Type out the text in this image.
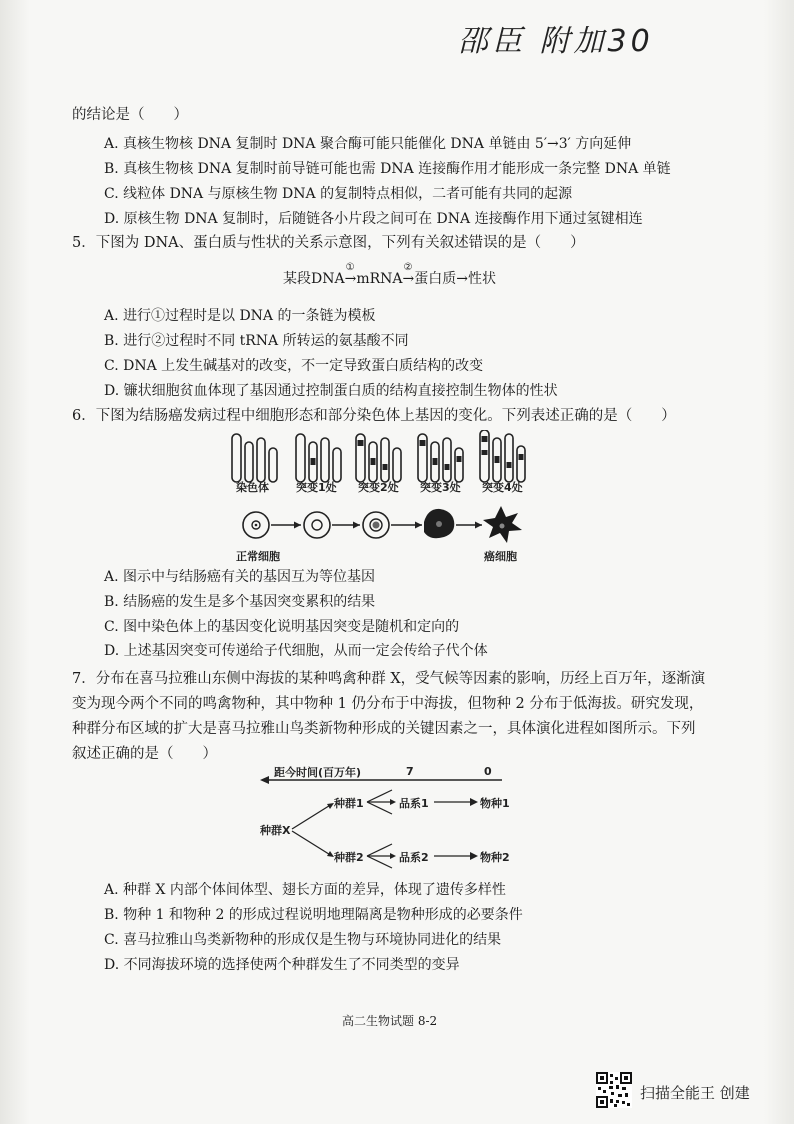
邵臣 附加30
的结论是（　　）
A. 真核生物核 DNA 复制时 DNA 聚合酶可能只能催化 DNA 单链由 5′→3′ 方向延伸
B. 真核生物核 DNA 复制时前导链可能也需 DNA 连接酶作用才能形成一条完整 DNA 单链
C. 线粒体 DNA 与原核生物 DNA 的复制特点相似，二者可能有共同的起源
D. 原核生物 DNA 复制时，后随链各小片段之间可在 DNA 连接酶作用下通过氢键相连
5．下图为 DNA、蛋白质与性状的关系示意图，下列有关叙述错误的是（　　）
某段DNA
①
→mRNA
②
→蛋白质→性状
A. 进行①过程时是以 DNA 的一条链为模板
B. 进行②过程时不同 tRNA 所转运的氨基酸不同
C. DNA 上发生碱基对的改变，不一定导致蛋白质结构的改变
D. 镰状细胞贫血体现了基因通过控制蛋白质的结构直接控制生物体的性状
6．下图为结肠癌发病过程中细胞形态和部分染色体上基因的变化。下列表述正确的是（　　）
染色体 突变1处 突变2处 突变3处 突变4处
正常细胞	癌细胞
A. 图示中与结肠癌有关的基因互为等位基因
B. 结肠癌的发生是多个基因突变累积的结果
C. 图中染色体上的基因变化说明基因突变是随机和定向的
D. 上述基因突变可传递给子代细胞，从而一定会传给子代个体
7．分布在喜马拉雅山东侧中海拔的某种鸣禽种群 X，受气候等因素的影响，历经上百万年，逐渐演
变为现今两个不同的鸣禽物种，其中物种 1 仍分布于中海拔，但物种 2 分布于低海拔。研究发现，
种群分布区域的扩大是喜马拉雅山鸟类新物种形成的关键因素之一，具体演化进程如图所示。下列
叙述正确的是（　　）
距今时间(百万年)	7	0
种群X
种群1	品系1	物种1
种群2	品系2	物种2
A. 种群 X 内部个体间体型、翅长方面的差异，体现了遗传多样性
B. 物种 1 和物种 2 的形成过程说明地理隔离是物种形成的必要条件
C. 喜马拉雅山鸟类新物种的形成仅是生物与环境协同进化的结果
D. 不同海拔环境的选择使两个种群发生了不同类型的变异
高二生物试题 8-2
扫描全能王 创建
